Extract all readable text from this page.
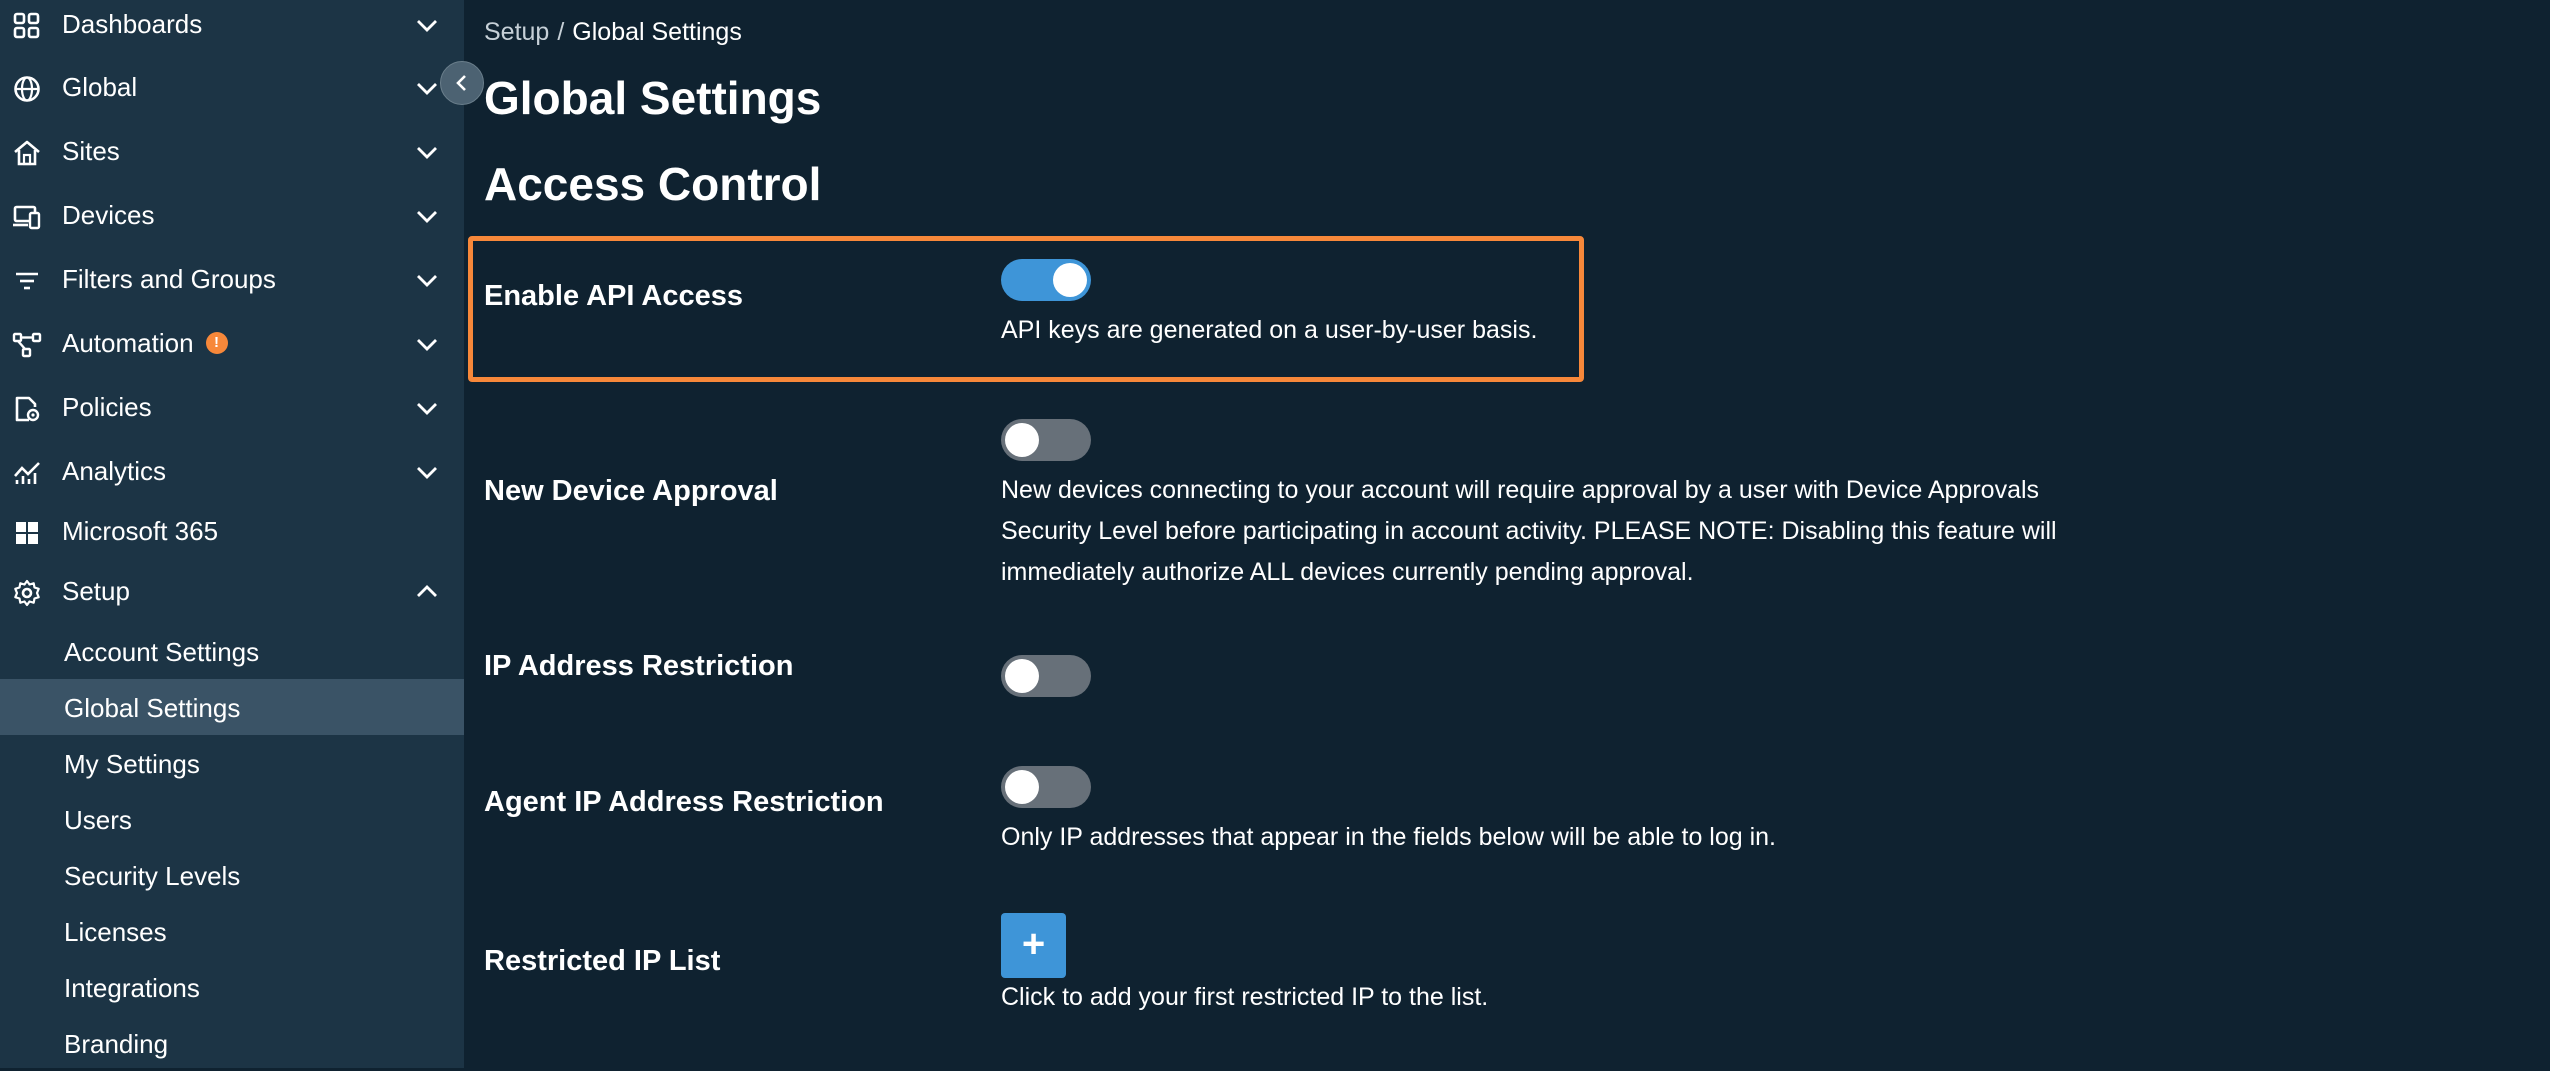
Dashboards
Global
Sites
Devices
Filters and Groups
Automation !
Policies
Analytics
Microsoft 365
Setup
Account Settings
Global Settings
My Settings
Users
Security Levels
Licenses
Integrations
Branding
Setup / Global Settings
Global Settings
Access Control
Enable API Access
API keys are generated on a user-by-user basis.
New Device Approval	New devices connecting to your account will require approval by a user with Device Approvals Security Level before participating in account activity. PLEASE NOTE: Disabling this feature will immediately authorize ALL devices currently pending approval.
IP Address Restriction
Agent IP Address Restriction
Only IP addresses that appear in the fields below will be able to log in.
Restricted IP List	+
Click to add your first restricted IP to the list.
